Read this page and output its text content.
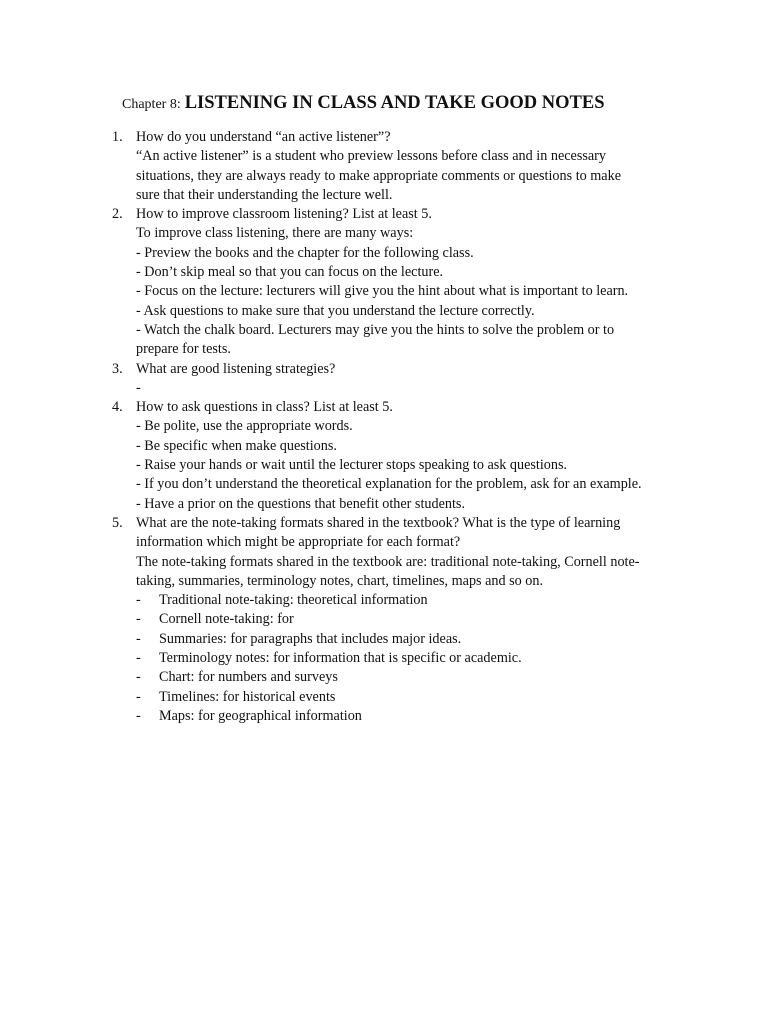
Chapter 8: LISTENING IN CLASS AND TAKE GOOD NOTES
1. How do you understand “an active listener”?
“An active listener” is a student who preview lessons before class and in necessary
situations, they are always ready to make appropriate comments or questions to make
sure that their understanding the lecture well.
2. How to improve classroom listening? List at least 5.
To improve class listening, there are many ways:
- Preview the books and the chapter for the following class.
- Don’t skip meal so that you can focus on the lecture.
- Focus on the lecture: lecturers will give you the hint about what is important to learn.
- Ask questions to make sure that you understand the lecture correctly.
- Watch the chalk board. Lecturers may give you the hints to solve the problem or to
prepare for tests.
3. What are good listening strategies?
-
4. How to ask questions in class? List at least 5.
- Be polite, use the appropriate words.
- Be specific when make questions.
- Raise your hands or wait until the lecturer stops speaking to ask questions.
- If you don’t understand the theoretical explanation for the problem, ask for an example.
- Have a prior on the questions that benefit other students.
5. What are the note-taking formats shared in the textbook? What is the type of learning
information which might be appropriate for each format?
The note-taking formats shared in the textbook are: traditional note-taking, Cornell note-
taking, summaries, terminology notes, chart, timelines, maps and so on.
- Traditional note-taking: theoretical information
- Cornell note-taking: for
- Summaries: for paragraphs that includes major ideas.
- Terminology notes: for information that is specific or academic.
- Chart: for numbers and surveys
- Timelines: for historical events
- Maps: for geographical information
